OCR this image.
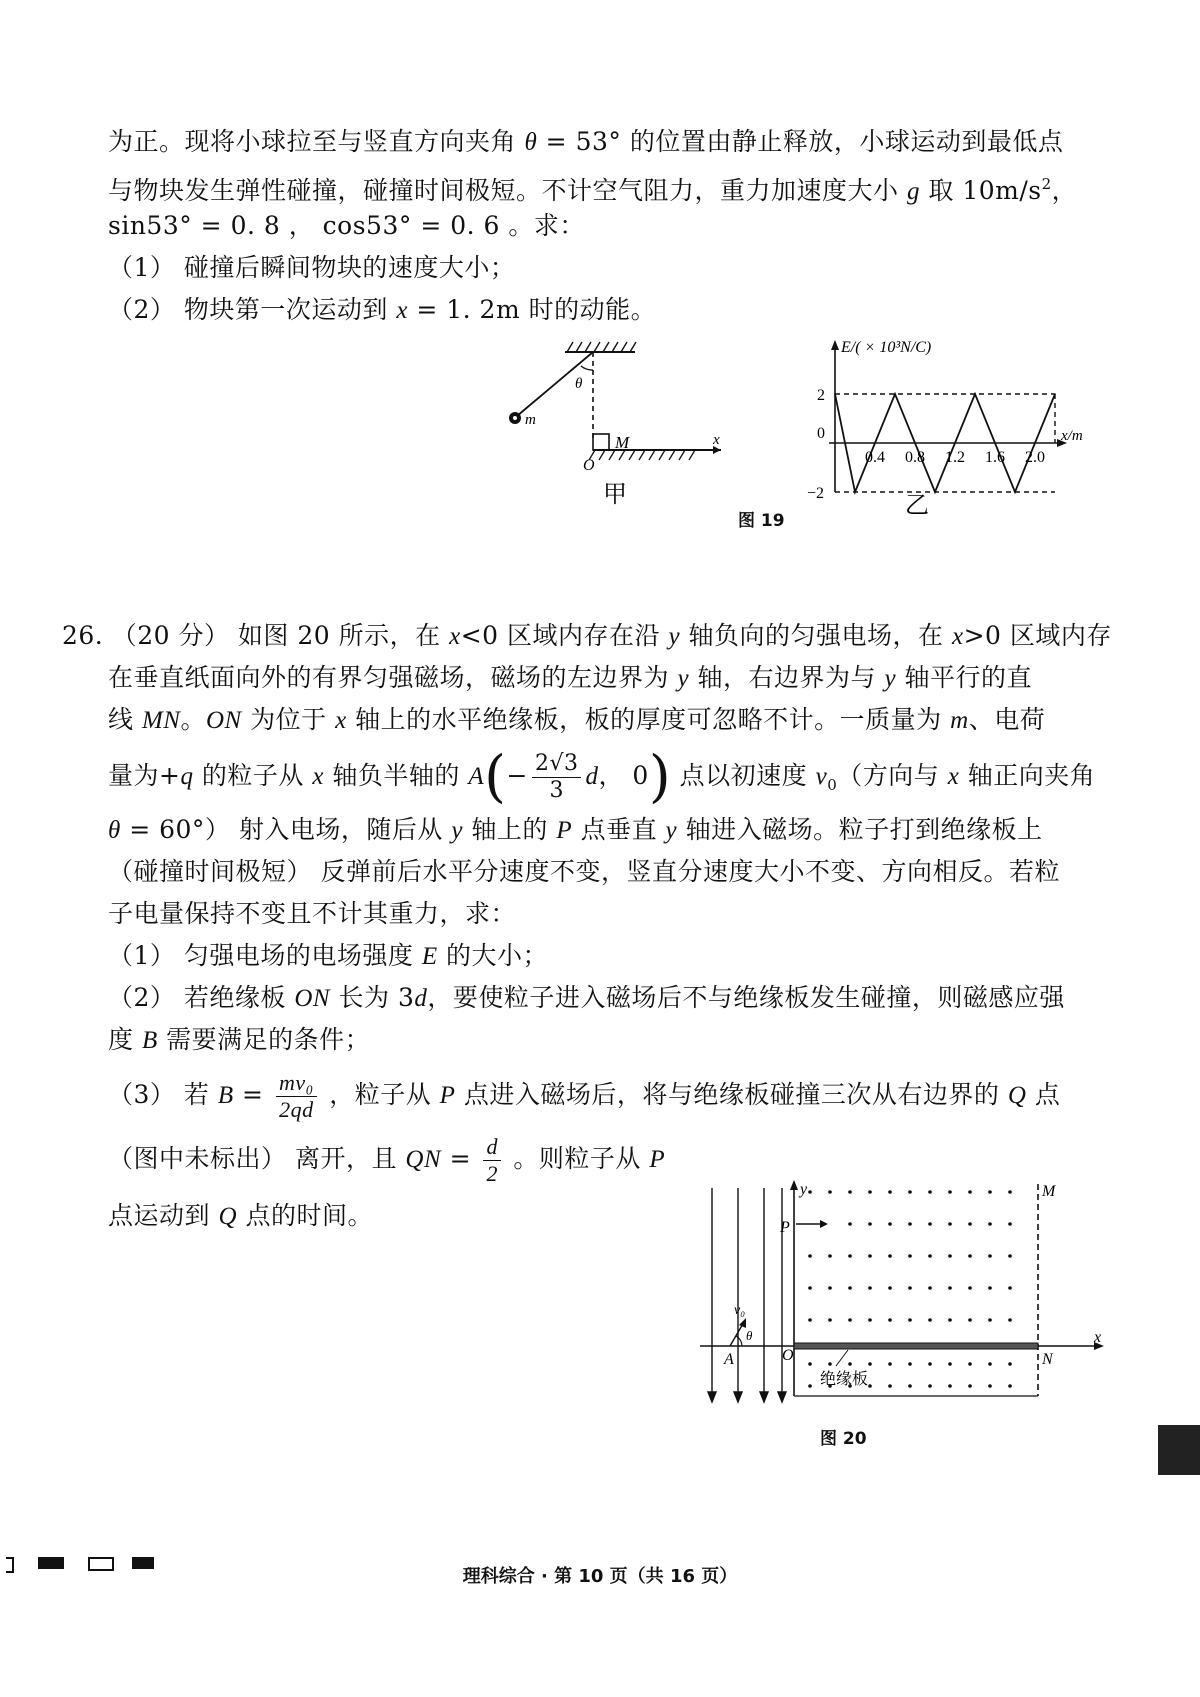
为正。现将小球拉至与竖直方向夹角 θ = 53° 的位置由静止释放，小球运动到最低点
与物块发生弹性碰撞，碰撞时间极短。不计空气阻力，重力加速度大小 g 取 $10m/s^2$，
sin53° = 0. 8 ， cos53° = 0. 6 。求：
（1） 碰撞后瞬间物块的速度大小；
（2） 物块第一次运动到 x = 1. 2m 时的动能。
θ
m
M	x
O
甲
0.4 0.8 1.2 1.6 2.0
2
−2
E/( × 10³N/C)
x/m
0
乙
图 19
26. （20 分） 如图 20 所示，在 x<0 区域内存在沿 y 轴负向的匀强电场，在 x>0 区域内存
在垂直纸面向外的有界匀强磁场，磁场的左边界为 y 轴，右边界为与 y 轴平行的直
线 MN。ON 为位于 x 轴上的水平绝缘板，板的厚度可忽略不计。一质量为 m、电荷
量为+q 的粒子从 x 轴负半轴的 $A(- \frac{2√3}{3}$ d， 0) 点以初速度 $v_0$（方向与 x 轴正向夹角
θ = 60°） 射入电场，随后从 y 轴上的 P 点垂直 y 轴进入磁场。粒子打到绝缘板上
（碰撞时间极短） 反弹前后水平分速度不变，竖直分速度大小不变、方向相反。若粒
子电量保持不变且不计其重力，求：
（1） 匀强电场的电场强度 E 的大小；
（2） 若绝缘板 ON 长为 3d，要使粒子进入磁场后不与绝缘板发生碰撞，则磁感应强
度 B 需要满足的条件；
（3） 若 $B = \frac{\text{mv₀}}{2qd}$ ，粒子从 P 点进入磁场后，将与绝缘板碰撞三次从右边界的 Q 点
（图中未标出） 离开，且 QN = $\frac{d}{2}$ 。则粒子从 P
点运动到 Q 点的时间。
y
x
M
N
P
O
A
v₀
θ
绝缘板
图 20
理科综合 · 第 10 页（共 16 页）
